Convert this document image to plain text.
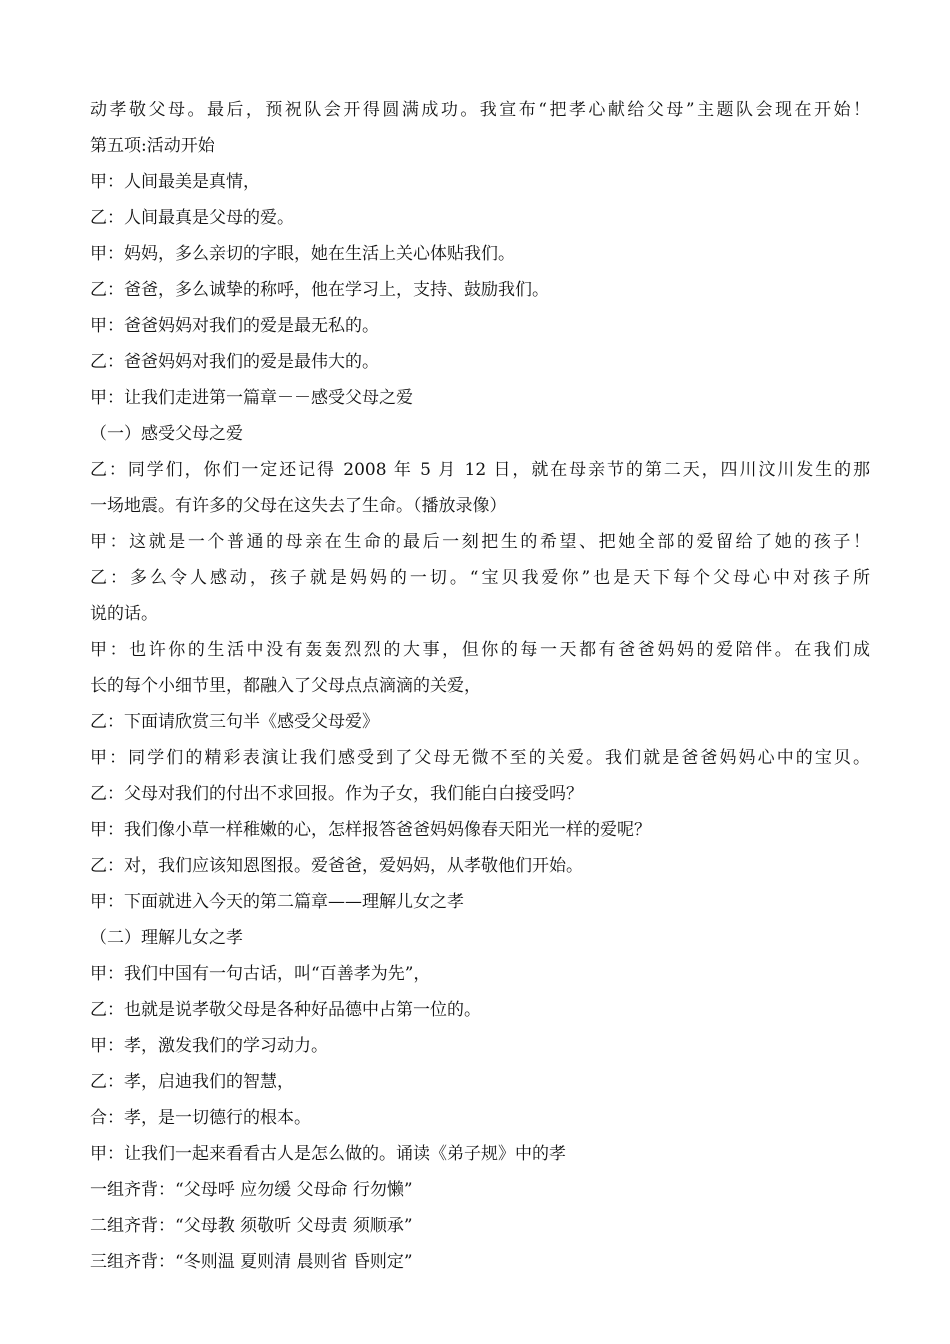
动孝敬父母。最后，预祝队会开得圆满成功。我宣布“把孝心献给父母”主题队会现在开始！
第五项:活动开始
甲：人间最美是真情，
乙：人间最真是父母的爱。
甲：妈妈，多么亲切的字眼，她在生活上关心体贴我们。
乙：爸爸，多么诚挚的称呼，他在学习上，支持、鼓励我们。
甲：爸爸妈妈对我们的爱是最无私的。
乙：爸爸妈妈对我们的爱是最伟大的。
甲：让我们走进第一篇章－－感受父母之爱
（一）感受父母之爱
乙：同学们，你们一定还记得 2008 年 5 月 12 日，就在母亲节的第二天，四川汶川发生的那
一场地震。有许多的父母在这失去了生命。（播放录像）
甲：这就是一个普通的母亲在生命的最后一刻把生的希望、把她全部的爱留给了她的孩子！
乙：多么令人感动，孩子就是妈妈的一切。“宝贝我爱你”也是天下每个父母心中对孩子所
说的话。
甲：也许你的生活中没有轰轰烈烈的大事，但你的每一天都有爸爸妈妈的爱陪伴。在我们成
长的每个小细节里，都融入了父母点点滴滴的关爱，
乙：下面请欣赏三句半《感受父母爱》
甲：同学们的精彩表演让我们感受到了父母无微不至的关爱。我们就是爸爸妈妈心中的宝贝。
乙：父母对我们的付出不求回报。作为子女，我们能白白接受吗？
甲：我们像小草一样稚嫩的心，怎样报答爸爸妈妈像春天阳光一样的爱呢？
乙：对，我们应该知恩图报。爱爸爸，爱妈妈，从孝敬他们开始。
甲：下面就进入今天的第二篇章——理解儿女之孝
（二）理解儿女之孝
甲：我们中国有一句古话，叫“百善孝为先”，
乙：也就是说孝敬父母是各种好品德中占第一位的。
甲：孝，激发我们的学习动力。
乙：孝，启迪我们的智慧，
合：孝，是一切德行的根本。
甲：让我们一起来看看古人是怎么做的。诵读《弟子规》中的孝
一组齐背：“父母呼 应勿缓 父母命 行勿懒”
二组齐背：“父母教 须敬听 父母责 须顺承”
三组齐背：“冬则温 夏则清 晨则省 昏则定”
